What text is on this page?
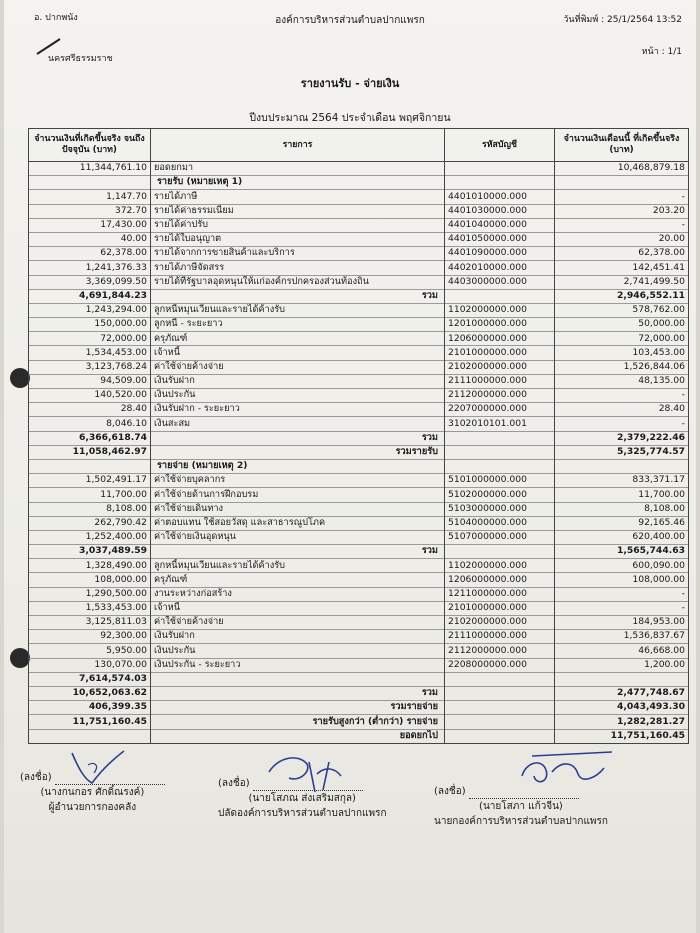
อ. ปากพนัง
นครศรีธรรมราช
องค์การบริหารส่วนตำบลปากแพรก	วันที่พิมพ์ : 25/1/2564 13:52
หน้า : 1/1
รายงานรับ - จ่ายเงิน
ปีงบประมาณ 2564 ประจำเดือน พฤศจิกายน
จำนวนเงินที่เกิดขึ้นจริง จนถึงปัจจุบัน (บาท)	รายการ	รหัสบัญชี	จำนวนเงินเดือนนี้ ที่เกิดขึ้นจริง (บาท)
11,344,761.10	ยอดยกมา		10,468,879.18
	รายรับ (หมายเหตุ 1)		
1,147.70	รายได้ภาษี	4401010000.000	-
372.70	รายได้ค่าธรรมเนียม	4401030000.000	203.20
17,430.00	รายได้ค่าปรับ	4401040000.000	-
40.00	รายได้ใบอนุญาต	4401050000.000	20.00
62,378.00	รายได้จากการขายสินค้าและบริการ	4401090000.000	62,378.00
1,241,376.33	รายได้ภาษีจัดสรร	4402010000.000	142,451.41
3,369,099.50	รายได้ที่รัฐบาลอุดหนุนให้แก่องค์กรปกครองส่วนท้องถิ่น	4403000000.000	2,741,499.50
4,691,844.23	รวม		2,946,552.11
1,243,294.00	ลูกหนี้หมุนเวียนและรายได้ค้างรับ	1102000000.000	578,762.00
150,000.00	ลูกหนี้ - ระยะยาว	1201000000.000	50,000.00
72,000.00	ครุภัณฑ์	1206000000.000	72,000.00
1,534,453.00	เจ้าหนี้	2101000000.000	103,453.00
3,123,768.24	ค่าใช้จ่ายค้างจ่าย	2102000000.000	1,526,844.06
94,509.00	เงินรับฝาก	2111000000.000	48,135.00
140,520.00	เงินประกัน	2112000000.000	-
28.40	เงินรับฝาก - ระยะยาว	2207000000.000	28.40
8,046.10	เงินสะสม	3102010101.001	-
6,366,618.74	รวม		2,379,222.46
11,058,462.97	รวมรายรับ		5,325,774.57
	รายจ่าย (หมายเหตุ 2)		
1,502,491.17	ค่าใช้จ่ายบุคลากร	5101000000.000	833,371.17
11,700.00	ค่าใช้จ่ายด้านการฝึกอบรม	5102000000.000	11,700.00
8,108.00	ค่าใช้จ่ายเดินทาง	5103000000.000	8,108.00
262,790.42	ค่าตอบแทน ใช้สอยวัสดุ และสาธารณูปโภค	5104000000.000	92,165.46
1,252,400.00	ค่าใช้จ่ายเงินอุดหนุน	5107000000.000	620,400.00
3,037,489.59	รวม		1,565,744.63
1,328,490.00	ลูกหนี้หมุนเวียนและรายได้ค้างรับ	1102000000.000	600,090.00
108,000.00	ครุภัณฑ์	1206000000.000	108,000.00
1,290,500.00	งานระหว่างก่อสร้าง	1211000000.000	-
1,533,453.00	เจ้าหนี้	2101000000.000	-
3,125,811.03	ค่าใช้จ่ายค้างจ่าย	2102000000.000	184,953.00
92,300.00	เงินรับฝาก	2111000000.000	1,536,837.67
5,950.00	เงินประกัน	2112000000.000	46,668.00
130,070.00	เงินประกัน - ระยะยาว	2208000000.000	1,200.00
7,614,574.03			
10,652,063.62	รวม		2,477,748.67
406,399.35	รวมรายจ่าย		4,043,493.30
11,751,160.45	รายรับสูงกว่า (ต่ำกว่า) รายจ่าย		1,282,281.27
	ยอดยกไป		11,751,160.45
(ลงชื่อ)
(นางกนกอร ศักดิ์ณรงค์)
ผู้อำนวยการกองคลัง
(ลงชื่อ)
(นายโสภณ ส่งเสริมสกุล)
ปลัดองค์การบริหารส่วนตำบลปากแพรก
(ลงชื่อ)
(นายโสภา แก้วจีน)
นายกองค์การบริหารส่วนตำบลปากแพรก
